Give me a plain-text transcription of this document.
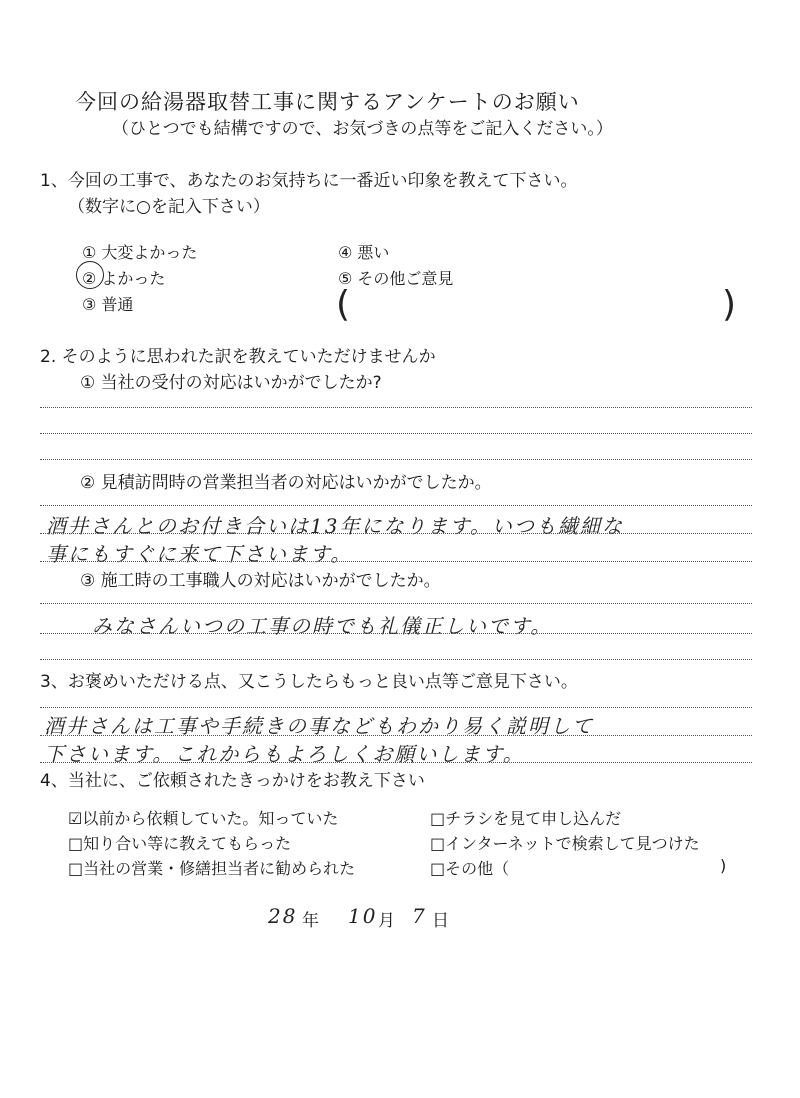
今回の給湯器取替工事に関するアンケートのお願い
（ひとつでも結構ですので、お気づきの点等をご記入ください。）
1、今回の工事で、あなたのお気持ちに一番近い印象を教えて下さい。
（数字に○を記入下さい）
① 大変よかった
② よかった
③ 普通
④ 悪い
⑤ その他ご意見
(	)
2. そのように思われた訳を教えていただけませんか
① 当社の受付の対応はいかがでしたか?
② 見積訪問時の営業担当者の対応はいかがでしたか。
酒井さんとのお付き合いは13年になります。いつも繊細な
事にもすぐに来て下さいます。
③ 施工時の工事職人の対応はいかがでしたか。
みなさんいつの工事の時でも礼儀正しいです。
3、お褒めいただける点、又こうしたらもっと良い点等ご意見下さい。
酒井さんは工事や手続きの事などもわかり易く説明して
下さいます。これからもよろしくお願いします。
4、当社に、ご依頼されたきっかけをお教え下さい
☑以前から依頼していた。知っていた
□知り合い等に教えてもらった
□当社の営業・修繕担当者に勧められた
□チラシを見て申し込んだ
□インターネットで検索して見つけた
□その他（	)
28 年 10 月 7 日
